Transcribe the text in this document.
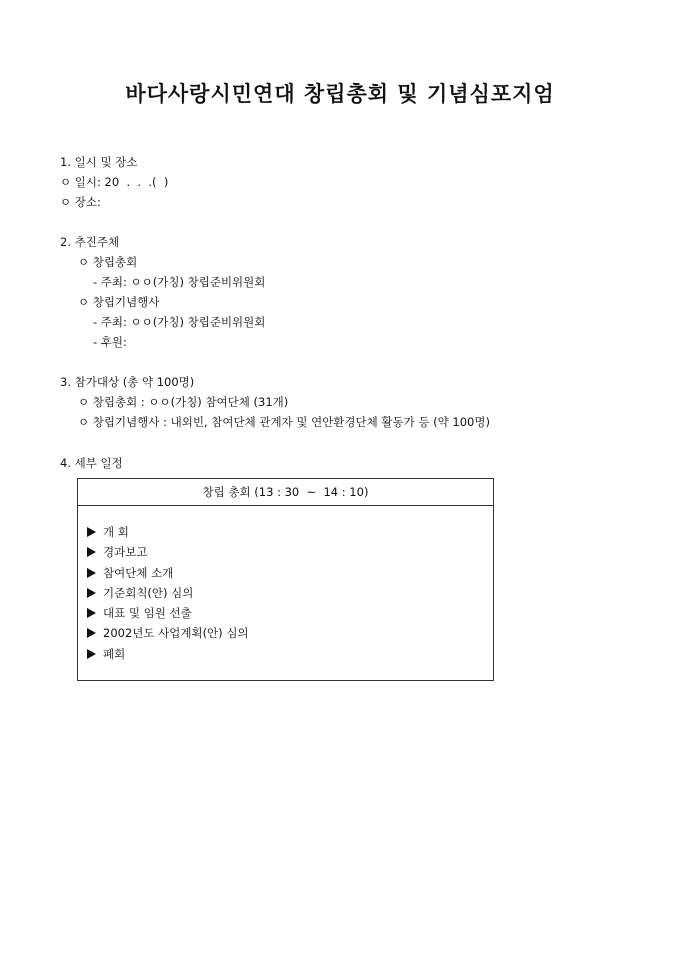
바다사랑시민연대 창립총회 및 기념심포지엄
1. 일시 및 장소
ㅇ 일시: 20  .  .  .(  )
ㅇ 장소:
2. 추진주체
ㅇ 창립총회
- 주최: ㅇㅇ(가칭) 창립준비위원회
ㅇ 창립기념행사
- 주최: ㅇㅇ(가칭) 창립준비위원회
- 후원:
3. 참가대상 (총 약 100명)
ㅇ 창립총회 : ㅇㅇ(가칭) 참여단체 (31개)
ㅇ 창립기념행사 : 내외빈, 참여단체 관계자 및 연안환경단체 활동가 등 (약 100명)
4. 세부 일정
창립 총회 (13 : 30  ~  14 : 10)
개 회
경과보고
참여단체 소개
기준회칙(안) 심의
대표 및 임원 선출
2002년도 사업계획(안) 심의
폐회
